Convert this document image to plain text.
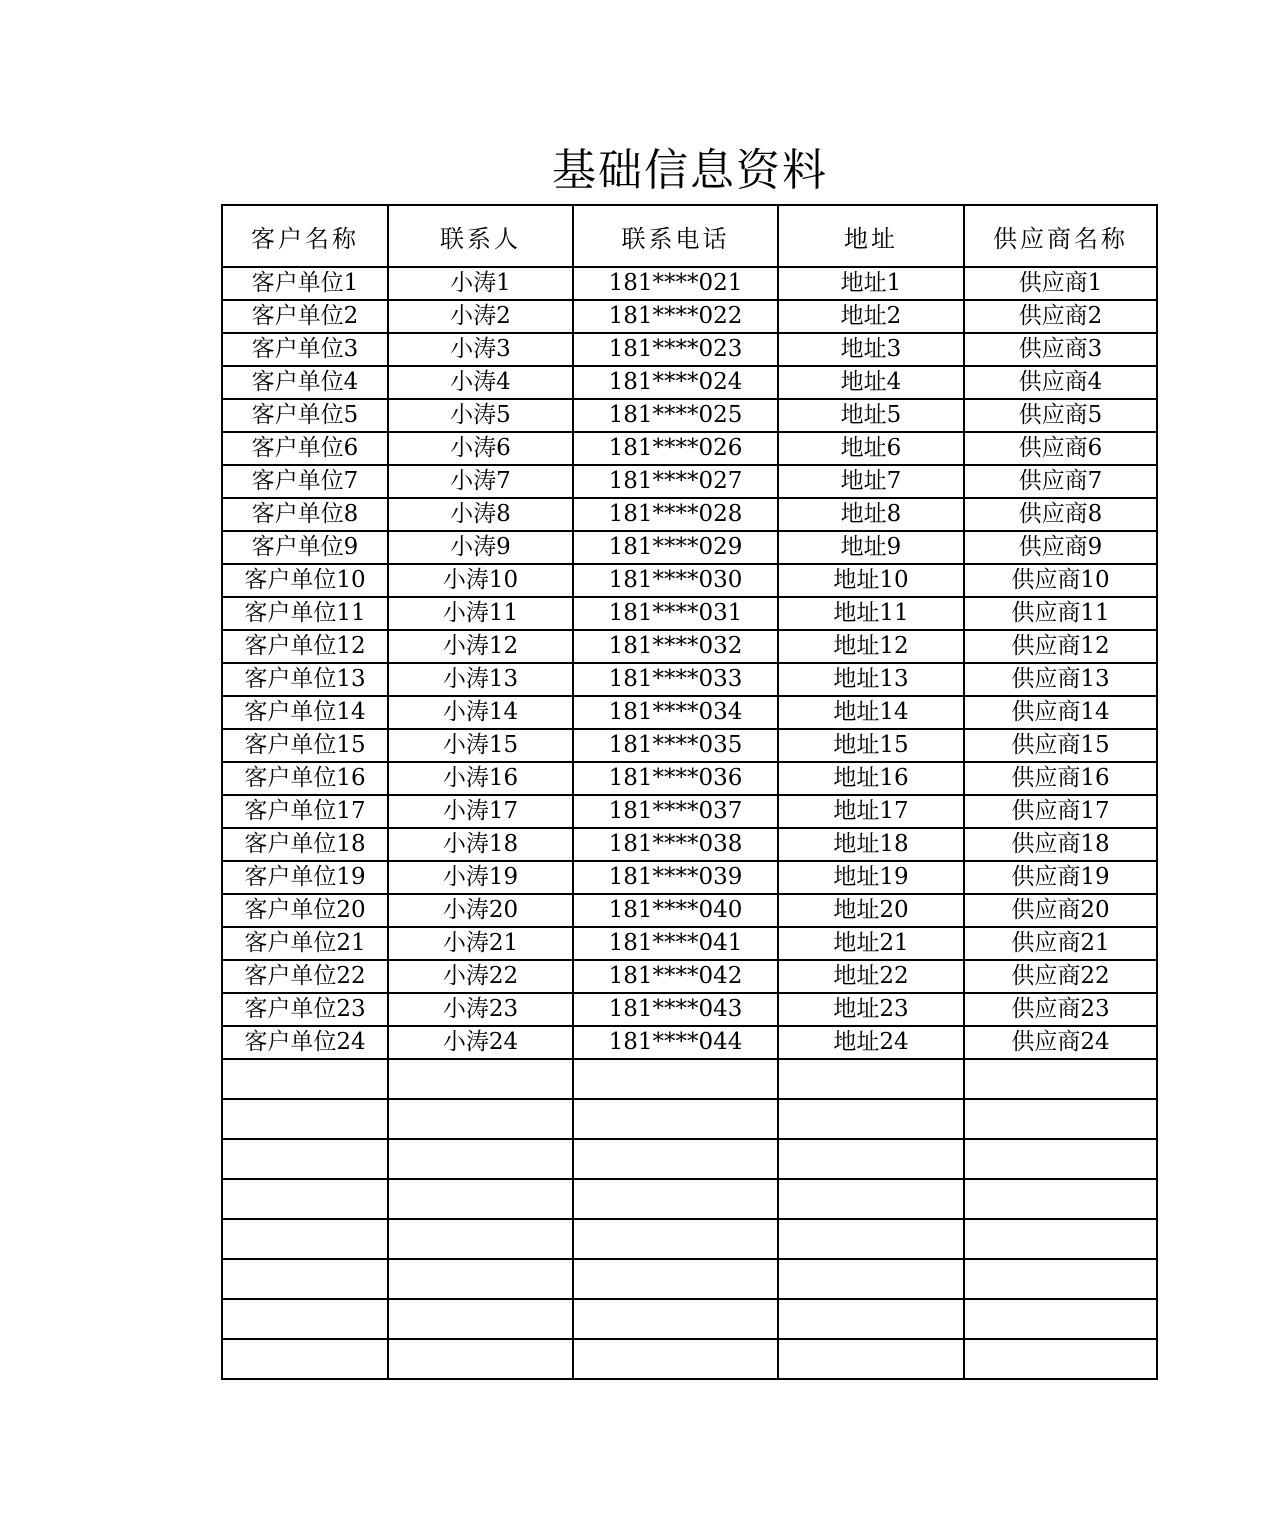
基础信息资料
客户名称	联系人	联系电话	地址	供应商名称
客户单位1	小涛1	181****021	地址1	供应商1
客户单位2	小涛2	181****022	地址2	供应商2
客户单位3	小涛3	181****023	地址3	供应商3
客户单位4	小涛4	181****024	地址4	供应商4
客户单位5	小涛5	181****025	地址5	供应商5
客户单位6	小涛6	181****026	地址6	供应商6
客户单位7	小涛7	181****027	地址7	供应商7
客户单位8	小涛8	181****028	地址8	供应商8
客户单位9	小涛9	181****029	地址9	供应商9
客户单位10	小涛10	181****030	地址10	供应商10
客户单位11	小涛11	181****031	地址11	供应商11
客户单位12	小涛12	181****032	地址12	供应商12
客户单位13	小涛13	181****033	地址13	供应商13
客户单位14	小涛14	181****034	地址14	供应商14
客户单位15	小涛15	181****035	地址15	供应商15
客户单位16	小涛16	181****036	地址16	供应商16
客户单位17	小涛17	181****037	地址17	供应商17
客户单位18	小涛18	181****038	地址18	供应商18
客户单位19	小涛19	181****039	地址19	供应商19
客户单位20	小涛20	181****040	地址20	供应商20
客户单位21	小涛21	181****041	地址21	供应商21
客户单位22	小涛22	181****042	地址22	供应商22
客户单位23	小涛23	181****043	地址23	供应商23
客户单位24	小涛24	181****044	地址24	供应商24
